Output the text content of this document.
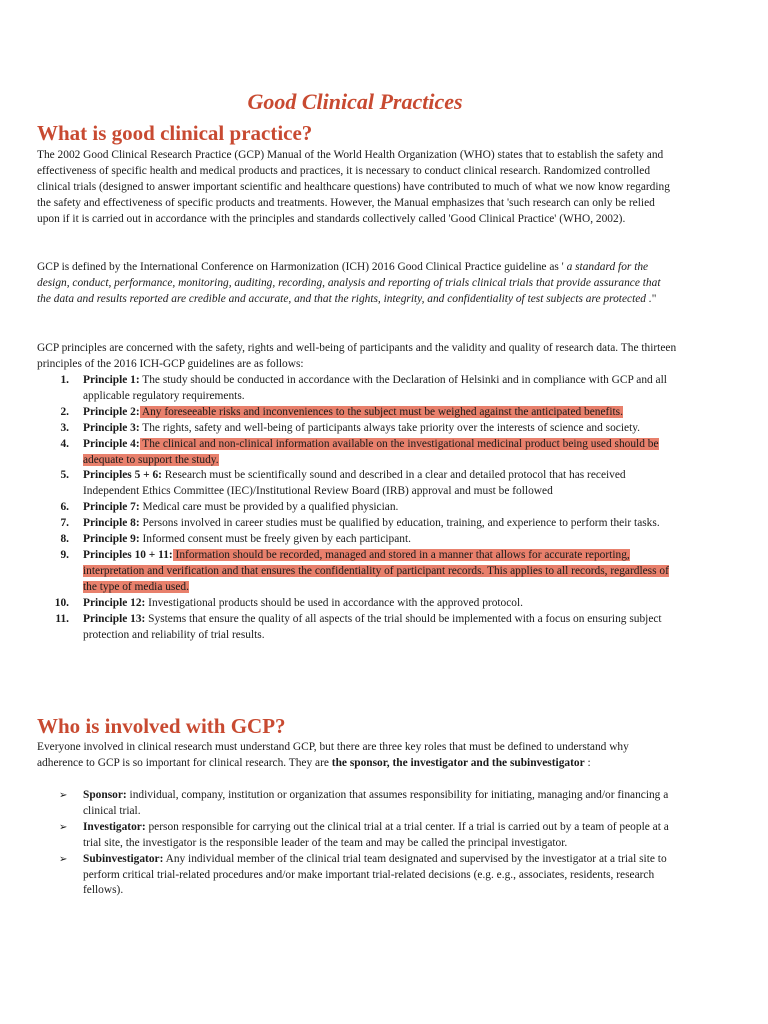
Good Clinical Practices
What is good clinical practice?

The 2002 Good Clinical Research Practice (GCP) Manual of the World Health Organization (WHO) states that to establish the safety and effectiveness of specific health and medical products and practices, it is necessary to conduct clinical research. Randomized controlled clinical trials (designed to answer important scientific and healthcare questions) have contributed to much of what we now know regarding the safety and effectiveness of specific products and treatments. However, the Manual emphasizes that 'such research can only be relied upon if it is carried out in accordance with the principles and standards collectively called 'Good Clinical Practice' (WHO, 2002).

GCP is defined by the International Conference on Harmonization (ICH) 2016 Good Clinical Practice guideline as ' a standard for the design, conduct, performance, monitoring, auditing, recording, analysis and reporting of trials clinical trials that provide assurance that the data and results reported are credible and accurate, and that the rights, integrity, and confidentiality of test subjects are protected ."

GCP principles are concerned with the safety, rights and well-being of participants and the validity and quality of research data. The thirteen principles of the 2016 ICH-GCP guidelines are as follows:

1. Principle 1: The study should be conducted in accordance with the Declaration of Helsinki and in compliance with GCP and all applicable regulatory requirements.
2. Principle 2: Any foreseeable risks and inconveniences to the subject must be weighed against the anticipated benefits.
3. Principle 3: The rights, safety and well-being of participants always take priority over the interests of science and society.
4. Principle 4: The clinical and non-clinical information available on the investigational medicinal product being used should be adequate to support the study.
5. Principles 5 + 6: Research must be scientifically sound and described in a clear and detailed protocol that has received Independent Ethics Committee (IEC)/Institutional Review Board (IRB) approval and must be followed
6. Principle 7: Medical care must be provided by a qualified physician.
7. Principle 8: Persons involved in career studies must be qualified by education, training, and experience to perform their tasks.
8. Principle 9: Informed consent must be freely given by each participant.
9. Principles 10 + 11: Information should be recorded, managed and stored in a manner that allows for accurate reporting, interpretation and verification and that ensures the confidentiality of participant records. This applies to all records, regardless of the type of media used.
10. Principle 12: Investigational products should be used in accordance with the approved protocol.
11. Principle 13: Systems that ensure the quality of all aspects of the trial should be implemented with a focus on ensuring subject protection and reliability of trial results.
Who is involved with GCP?

Everyone involved in clinical research must understand GCP, but there are three key roles that must be defined to understand why adherence to GCP is so important for clinical research. They are the sponsor, the investigator and the subinvestigator :

➢ Sponsor: individual, company, institution or organization that assumes responsibility for initiating, managing and/or financing a clinical trial.
➢ Investigator: person responsible for carrying out the clinical trial at a trial center. If a trial is carried out by a team of people at a trial site, the investigator is the responsible leader of the team and may be called the principal investigator.
➢ Subinvestigator: Any individual member of the clinical trial team designated and supervised by the investigator at a trial site to perform critical trial-related procedures and/or make important trial-related decisions (e.g. e.g., associates, residents, research fellows).
